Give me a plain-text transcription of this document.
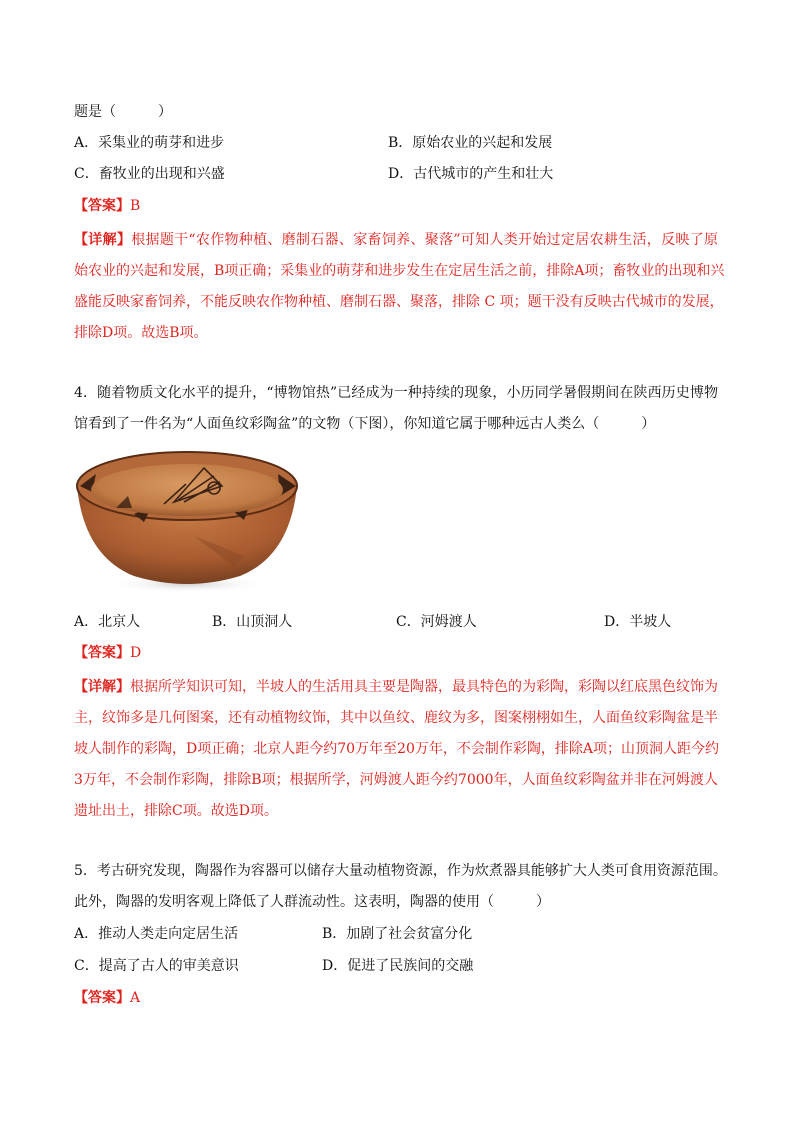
题是（　　　）
A．采集业的萌芽和进步	B．原始农业的兴起和发展
C．畜牧业的出现和兴盛	D．古代城市的产生和壮大
【答案】B
【详解】根据题干“农作物种植、磨制石器、家畜饲养、聚落”可知人类开始过定居农耕生活，反映了原
始农业的兴起和发展，B项正确；采集业的萌芽和进步发生在定居生活之前，排除A项；畜牧业的出现和兴
盛能反映家畜饲养，不能反映农作物种植、磨制石器、聚落，排除 C 项；题干没有反映古代城市的发展，
排除D项。故选B项。
4．随着物质文化水平的提升，“博物馆热”已经成为一种持续的现象，小历同学暑假期间在陕西历史博物
馆看到了一件名为“人面鱼纹彩陶盆”的文物（下图），你知道它属于哪种远古人类么（　　　）
A．北京人	B．山顶洞人	C．河姆渡人	D．半坡人
【答案】D
【详解】根据所学知识可知，半坡人的生活用具主要是陶器，最具特色的为彩陶，彩陶以红底黑色纹饰为
主，纹饰多是几何图案，还有动植物纹饰，其中以鱼纹、鹿纹为多，图案栩栩如生，人面鱼纹彩陶盆是半
坡人制作的彩陶，D项正确；北京人距今约70万年至20万年，不会制作彩陶，排除A项；山顶洞人距今约
3万年，不会制作彩陶，排除B项；根据所学，河姆渡人距今约7000年，人面鱼纹彩陶盆并非在河姆渡人
遗址出土，排除C项。故选D项。
5．考古研究发现，陶器作为容器可以储存大量动植物资源，作为炊煮器具能够扩大人类可食用资源范围。
此外，陶器的发明客观上降低了人群流动性。这表明，陶器的使用（　　　）
A．推动人类走向定居生活	B．加剧了社会贫富分化
C．提高了古人的审美意识	D．促进了民族间的交融
【答案】A
